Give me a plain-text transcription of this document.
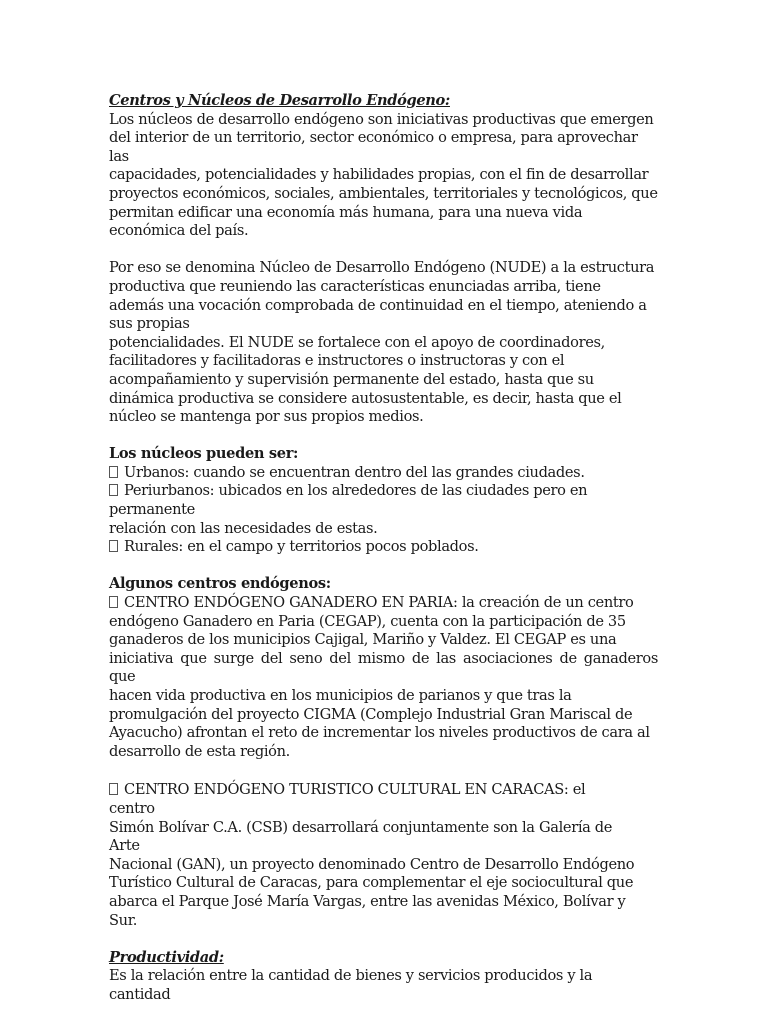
Centros y Núcleos de Desarrollo Endógeno:

Los núcleos de desarrollo endógeno son iniciativas productivas que emergen

del interior de un territorio, sector económico o empresa, para aprovechar

las

capacidades, potencialidades y habilidades propias, con el fin de desarrollar

proyectos económicos, sociales, ambientales, territoriales y tecnológicos, que

permitan edificar una economía más humana, para una nueva vida

económica del país.

Por eso se denomina Núcleo de Desarrollo Endógeno (NUDE) a la estructura

productiva que reuniendo las características enunciadas arriba, tiene

además una vocación comprobada de continuidad en el tiempo, ateniendo a

sus propias

potencialidades. El NUDE se fortalece con el apoyo de coordinadores,

facilitadores y facilitadoras e instructores o instructoras y con el

acompañamiento y supervisión permanente del estado, hasta que su

dinámica productiva se considere autosustentable, es decir, hasta que el

núcleo se mantenga por sus propios medios.

Los núcleos pueden ser:

Urbanos: cuando se encuentran dentro del las grandes ciudades.

Periurbanos: ubicados en los alrededores de las ciudades pero en

permanente

relación con las necesidades de estas.

Rurales: en el campo y territorios pocos poblados.

Algunos centros endógenos:

CENTRO ENDÓGENO GANADERO EN PARIA: la creación de un centro

endógeno Ganadero en Paria (CEGAP), cuenta con la participación de 35

ganaderos de los municipios Cajigal, Mariño y Valdez. El CEGAP es una

iniciativa que surge del seno del mismo de las asociaciones de ganaderos que

hacen vida productiva en los municipios de parianos y que tras la

promulgación del proyecto CIGMA (Complejo Industrial Gran Mariscal de

Ayacucho) afrontan el reto de incrementar los niveles productivos de cara al

desarrollo de esta región.

CENTRO ENDÓGENO TURISTICO CULTURAL EN CARACAS: el

centro

Simón Bolívar C.A. (CSB) desarrollará conjuntamente son la Galería de

Arte

Nacional (GAN), un proyecto denominado Centro de Desarrollo Endógeno

Turístico Cultural de Caracas, para complementar el eje sociocultural que

abarca el Parque José María Vargas, entre las avenidas México, Bolívar y

Sur.

Productividad:

Es la relación entre la cantidad de bienes y servicios producidos y la

cantidad
